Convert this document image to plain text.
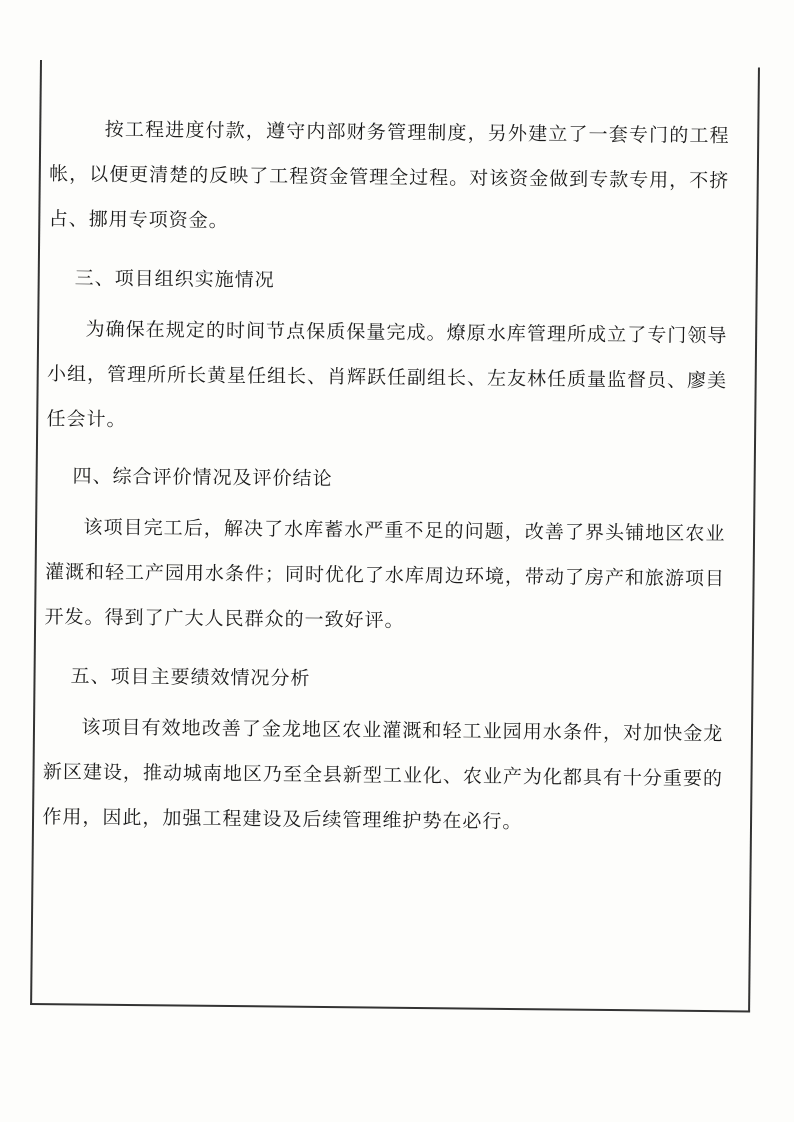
按工程进度付款，遵守内部财务管理制度，另外建立了一套专门的工程帐，以便更清楚的反映了工程资金管理全过程。对该资金做到专款专用，不挤占、挪用专项资金。

三、项目组织实施情况

为确保在规定的时间节点保质保量完成。燎原水库管理所成立了专门领导小组，管理所所长黄星任组长、肖辉跃任副组长、左友林任质量监督员、廖美任会计。

四、综合评价情况及评价结论

该项目完工后，解决了水库蓄水严重不足的问题，改善了界头铺地区农业灌溉和轻工产园用水条件；同时优化了水库周边环境，带动了房产和旅游项目开发。得到了广大人民群众的一致好评。

五、项目主要绩效情况分析

该项目有效地改善了金龙地区农业灌溉和轻工业园用水条件，对加快金龙新区建设，推动城南地区乃至全县新型工业化、农业产为化都具有十分重要的作用，因此，加强工程建设及后续管理维护势在必行。
